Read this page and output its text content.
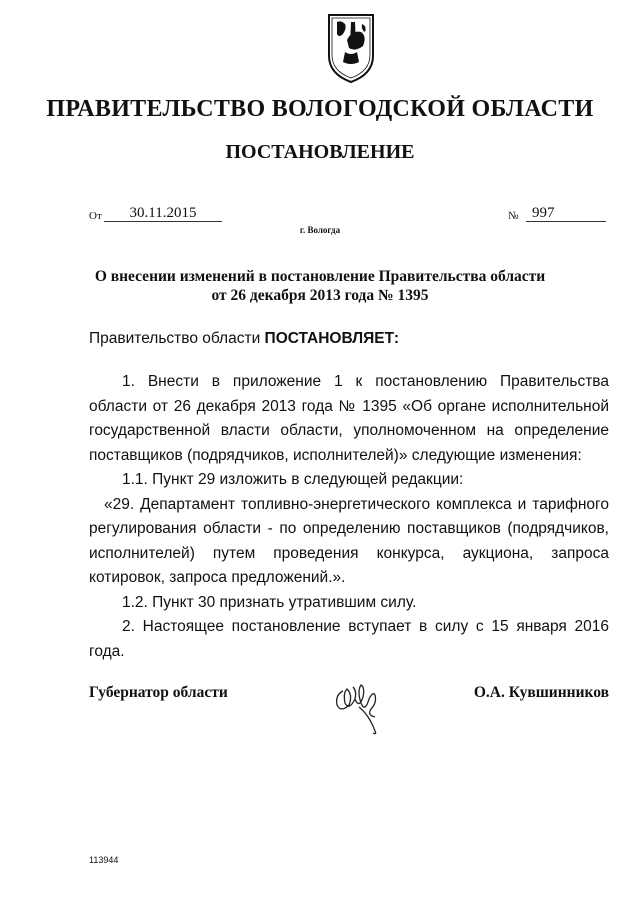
ПРАВИТЕЛЬСТВО ВОЛОГОДСКОЙ ОБЛАСТИ
ПОСТАНОВЛЕНИЕ
От	30.11.2015	№ 997
г. Вологда
О внесении изменений в постановление Правительства области
от 26 декабря 2013 года № 1395
Правительство области ПОСТАНОВЛЯЕТ:

1. Внести в приложение 1 к постановлению Правительства области от 26 декабря 2013 года № 1395 «Об органе исполнительной государственной власти области, уполномоченном на определение поставщиков (подрядчиков, исполнителей)» следующие изменения:

1.1. Пункт 29 изложить в следующей редакции:

«29. Департамент топливно-энергетического комплекса и тарифного регулирования области - по определению поставщиков (подрядчиков, исполнителей) путем проведения конкурса, аукциона, запроса котировок, запроса предложений.».

1.2. Пункт 30 признать утратившим силу.

2. Настоящее постановление вступает в силу с 15 января 2016 года.

Губернатор области	О.А. Кувшинников
113944
